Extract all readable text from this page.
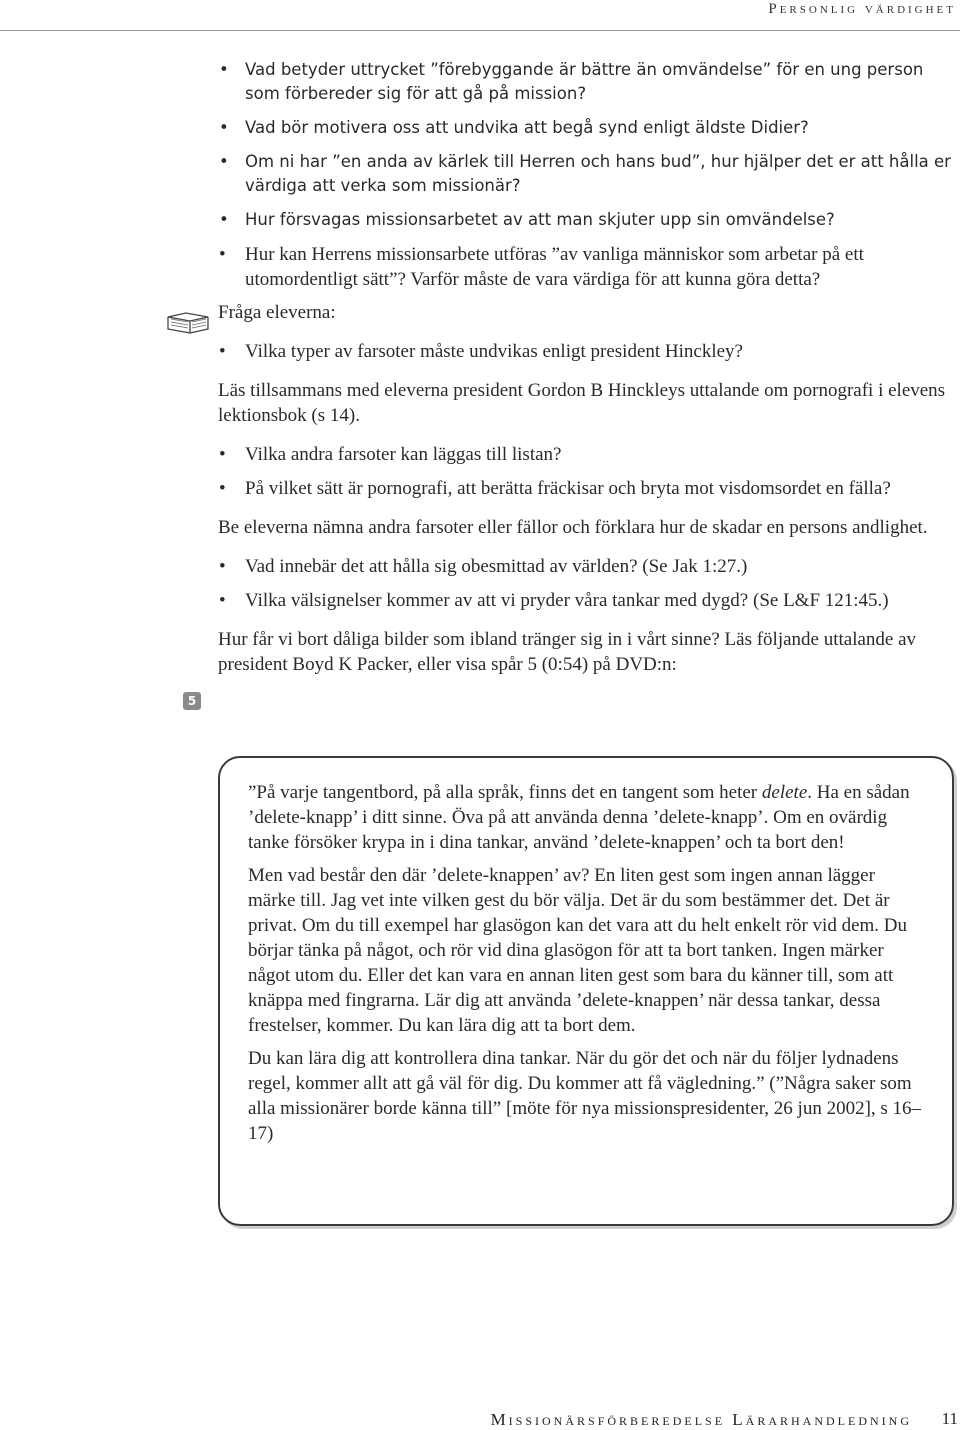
Personlig värdighet
5
• Vad betyder uttrycket ”förebyggande är bättre än omvändelse” för en ung person som förbereder sig för att gå på mission?
• Vad bör motivera oss att undvika att begå synd enligt äldste Didier?
• Om ni har ”en anda av kärlek till Herren och hans bud”, hur hjälper det er att hålla er värdiga att verka som missionär?
• Hur försvagas missionsarbetet av att man skjuter upp sin omvändelse?
• Hur kan Herrens missionsarbete utföras ”av vanliga människor som arbetar på ett utomordentligt sätt”? Varför måste de vara värdiga för att kunna göra detta?

Fråga eleverna:

• Vilka typer av farsoter måste undvikas enligt president Hinckley?

Läs tillsammans med eleverna president Gordon B Hinckleys uttalande om pornografi i elevens lektionsbok (s 14).

• Vilka andra farsoter kan läggas till listan?
• På vilket sätt är pornografi, att berätta fräckisar och bryta mot visdomsordet en fälla?

Be eleverna nämna andra farsoter eller fällor och förklara hur de skadar en persons andlighet.

• Vad innebär det att hålla sig obesmittad av världen? (Se Jak 1:27.)
• Vilka välsignelser kommer av att vi pryder våra tankar med dygd? (Se L&F 121:45.)

Hur får vi bort dåliga bilder som ibland tränger sig in i vårt sinne? Läs följande uttalande av president Boyd K Packer, eller visa spår 5 (0:54) på DVD:n:

”På varje tangentbord, på alla språk, finns det en tangent som heter delete. Ha en sådan ’delete-knapp’ i ditt sinne. Öva på att använda denna ’delete-knapp’. Om en ovärdig tanke försöker krypa in i dina tankar, använd ’delete-knappen’ och ta bort den!

Men vad består den där ’delete-knappen’ av? En liten gest som ingen annan lägger märke till. Jag vet inte vilken gest du bör välja. Det är du som bestämmer det. Det är privat. Om du till exempel har glasögon kan det vara att du helt enkelt rör vid dem. Du börjar tänka på något, och rör vid dina glasögon för att ta bort tanken. Ingen märker något utom du. Eller det kan vara en annan liten gest som bara du känner till, som att knäppa med fingrarna. Lär dig att använda ’delete-knappen’ när dessa tankar, dessa frestelser, kommer. Du kan lära dig att ta bort dem.

Du kan lära dig att kontrollera dina tankar. När du gör det och när du följer lydnadens regel, kommer allt att gå väl för dig. Du kommer att få vägledning.” (”Några saker som alla missionärer borde känna till” [möte för nya missionspresidenter, 26 jun 2002], s 16–17)

Missionärsförberedelse Lärarhandledning 11
